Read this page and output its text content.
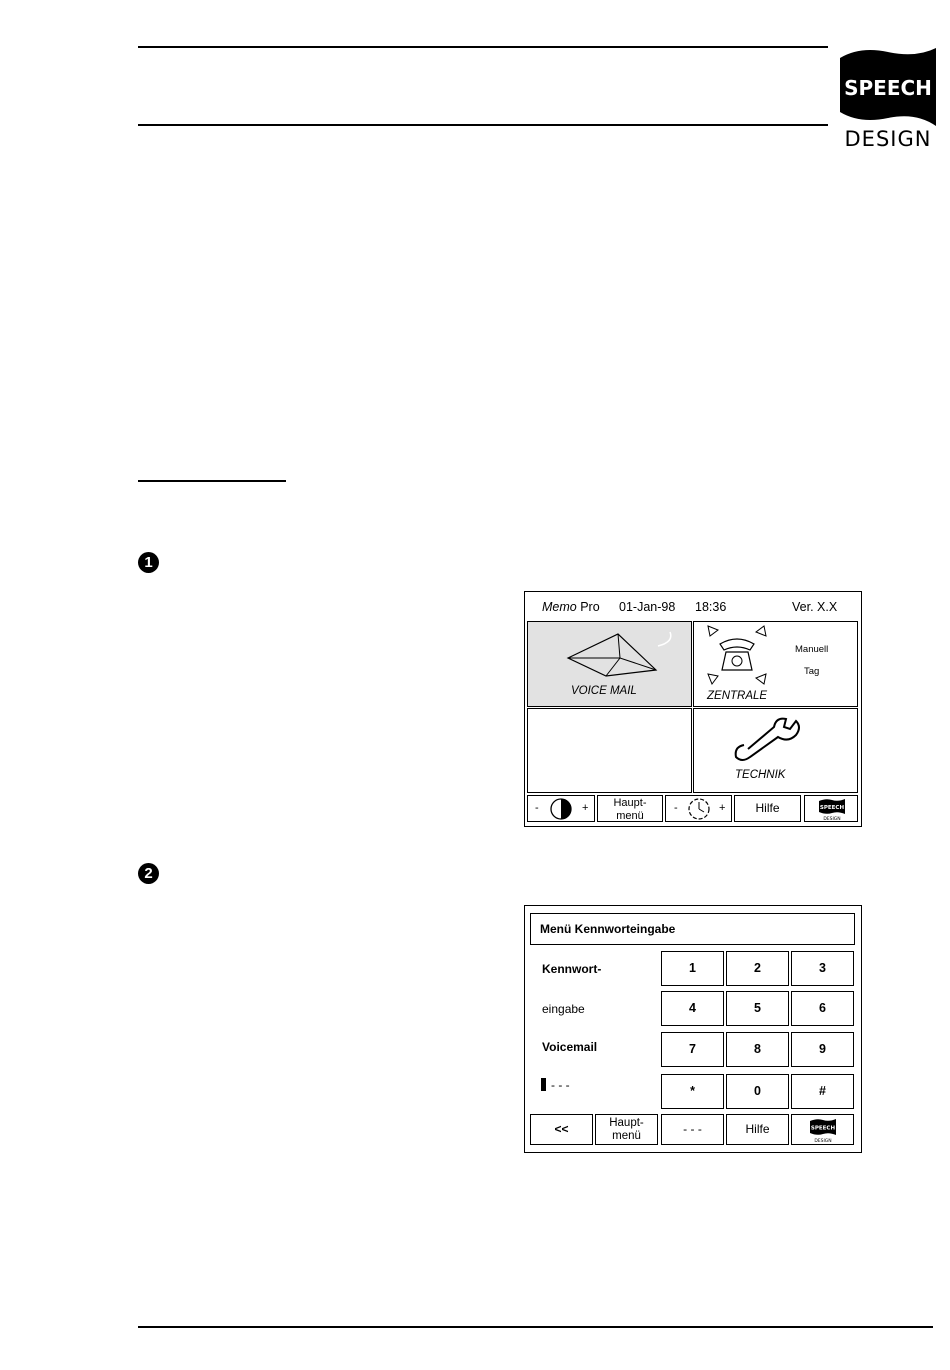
SPEECH
DESIGN
1
Memo Pro 01-Jan-98 18:36	Ver. X.X
VOICE MAIL	ZENTRALE
Manuell
Tag
TECHNIK
-	+	Haupt-
menü
-	+	Hilfe	SPEECH
DESIGN
2
Menü Kennworteingabe
Kennwort-
eingabe
Voicemail
- - -
1	2	3
4	5	6
7	8	9
*	0	#
<<	Haupt-
menü	- - -	Hilfe	SPEECH
DESIGN
